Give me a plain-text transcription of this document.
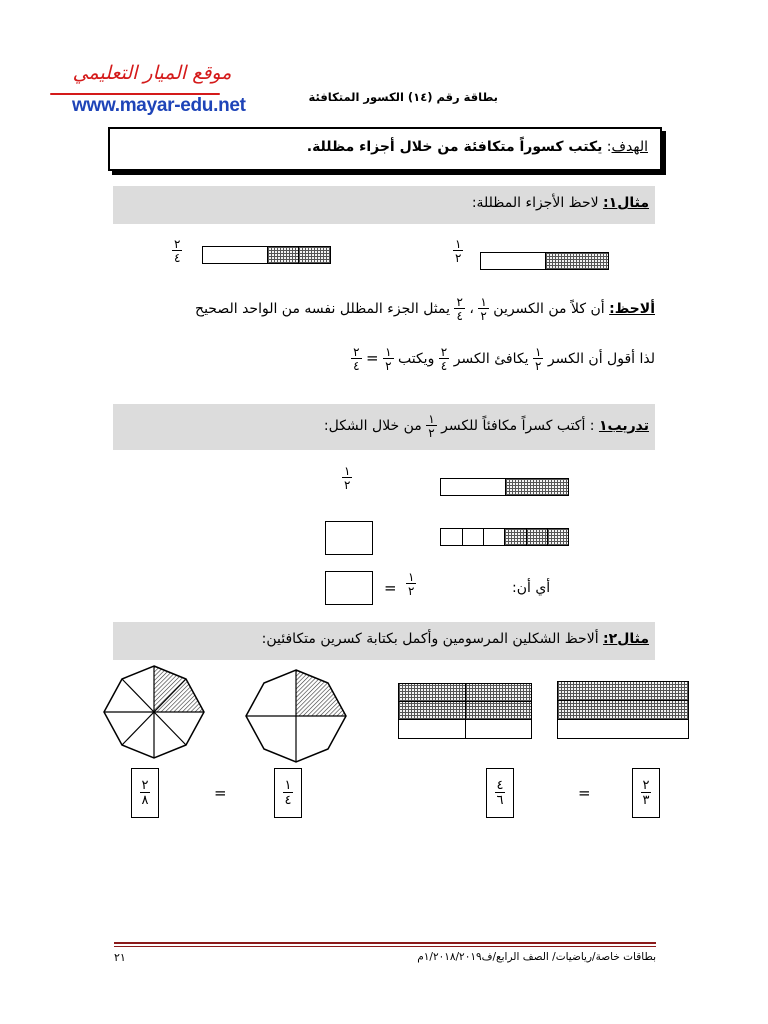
موقع الميار التعليمي
www.mayar-edu.net	بطاقة رقم (١٤) الكسور المتكافئة
الهدف: يكتب كسوراً متكافئة من خلال أجزاء مظللة.
مثال١: لاحظ الأجزاء المظللة:
١
٢
٢
٤
ألاحظ: أن كلاً من الكسرين
$\frac{١}{٢}$
،
$\frac{٢}{٤}$
يمثل الجزء المظلل نفسه من الواحد الصحيح
لذا أقول أن الكسر
$\frac{١}{٢}$
يكافئ الكسر
$\frac{٢}{٤}$
ويكتب
$\frac{١}{٢}$
=
$\frac{٢}{٤}$
تدريب١ : أكتب كسراً مكافئاً للكسر
$\frac{١}{٢}$
من خلال الشكل:
١
٢
=
١
٢	أي أن:
مثال٢: ألاحظ الشكلين المرسومين وأكمل بكتابة كسرين متكافئين:
$\frac{٢}{٨}$	=	$\frac{١}{٤}$	$\frac{٤}{٦}$	=	$\frac{٢}{٣}$
بطاقات خاصة/رياضيات/ الصف الرابع/ف١/٢٠١٨/٢٠١٩م
٢١
